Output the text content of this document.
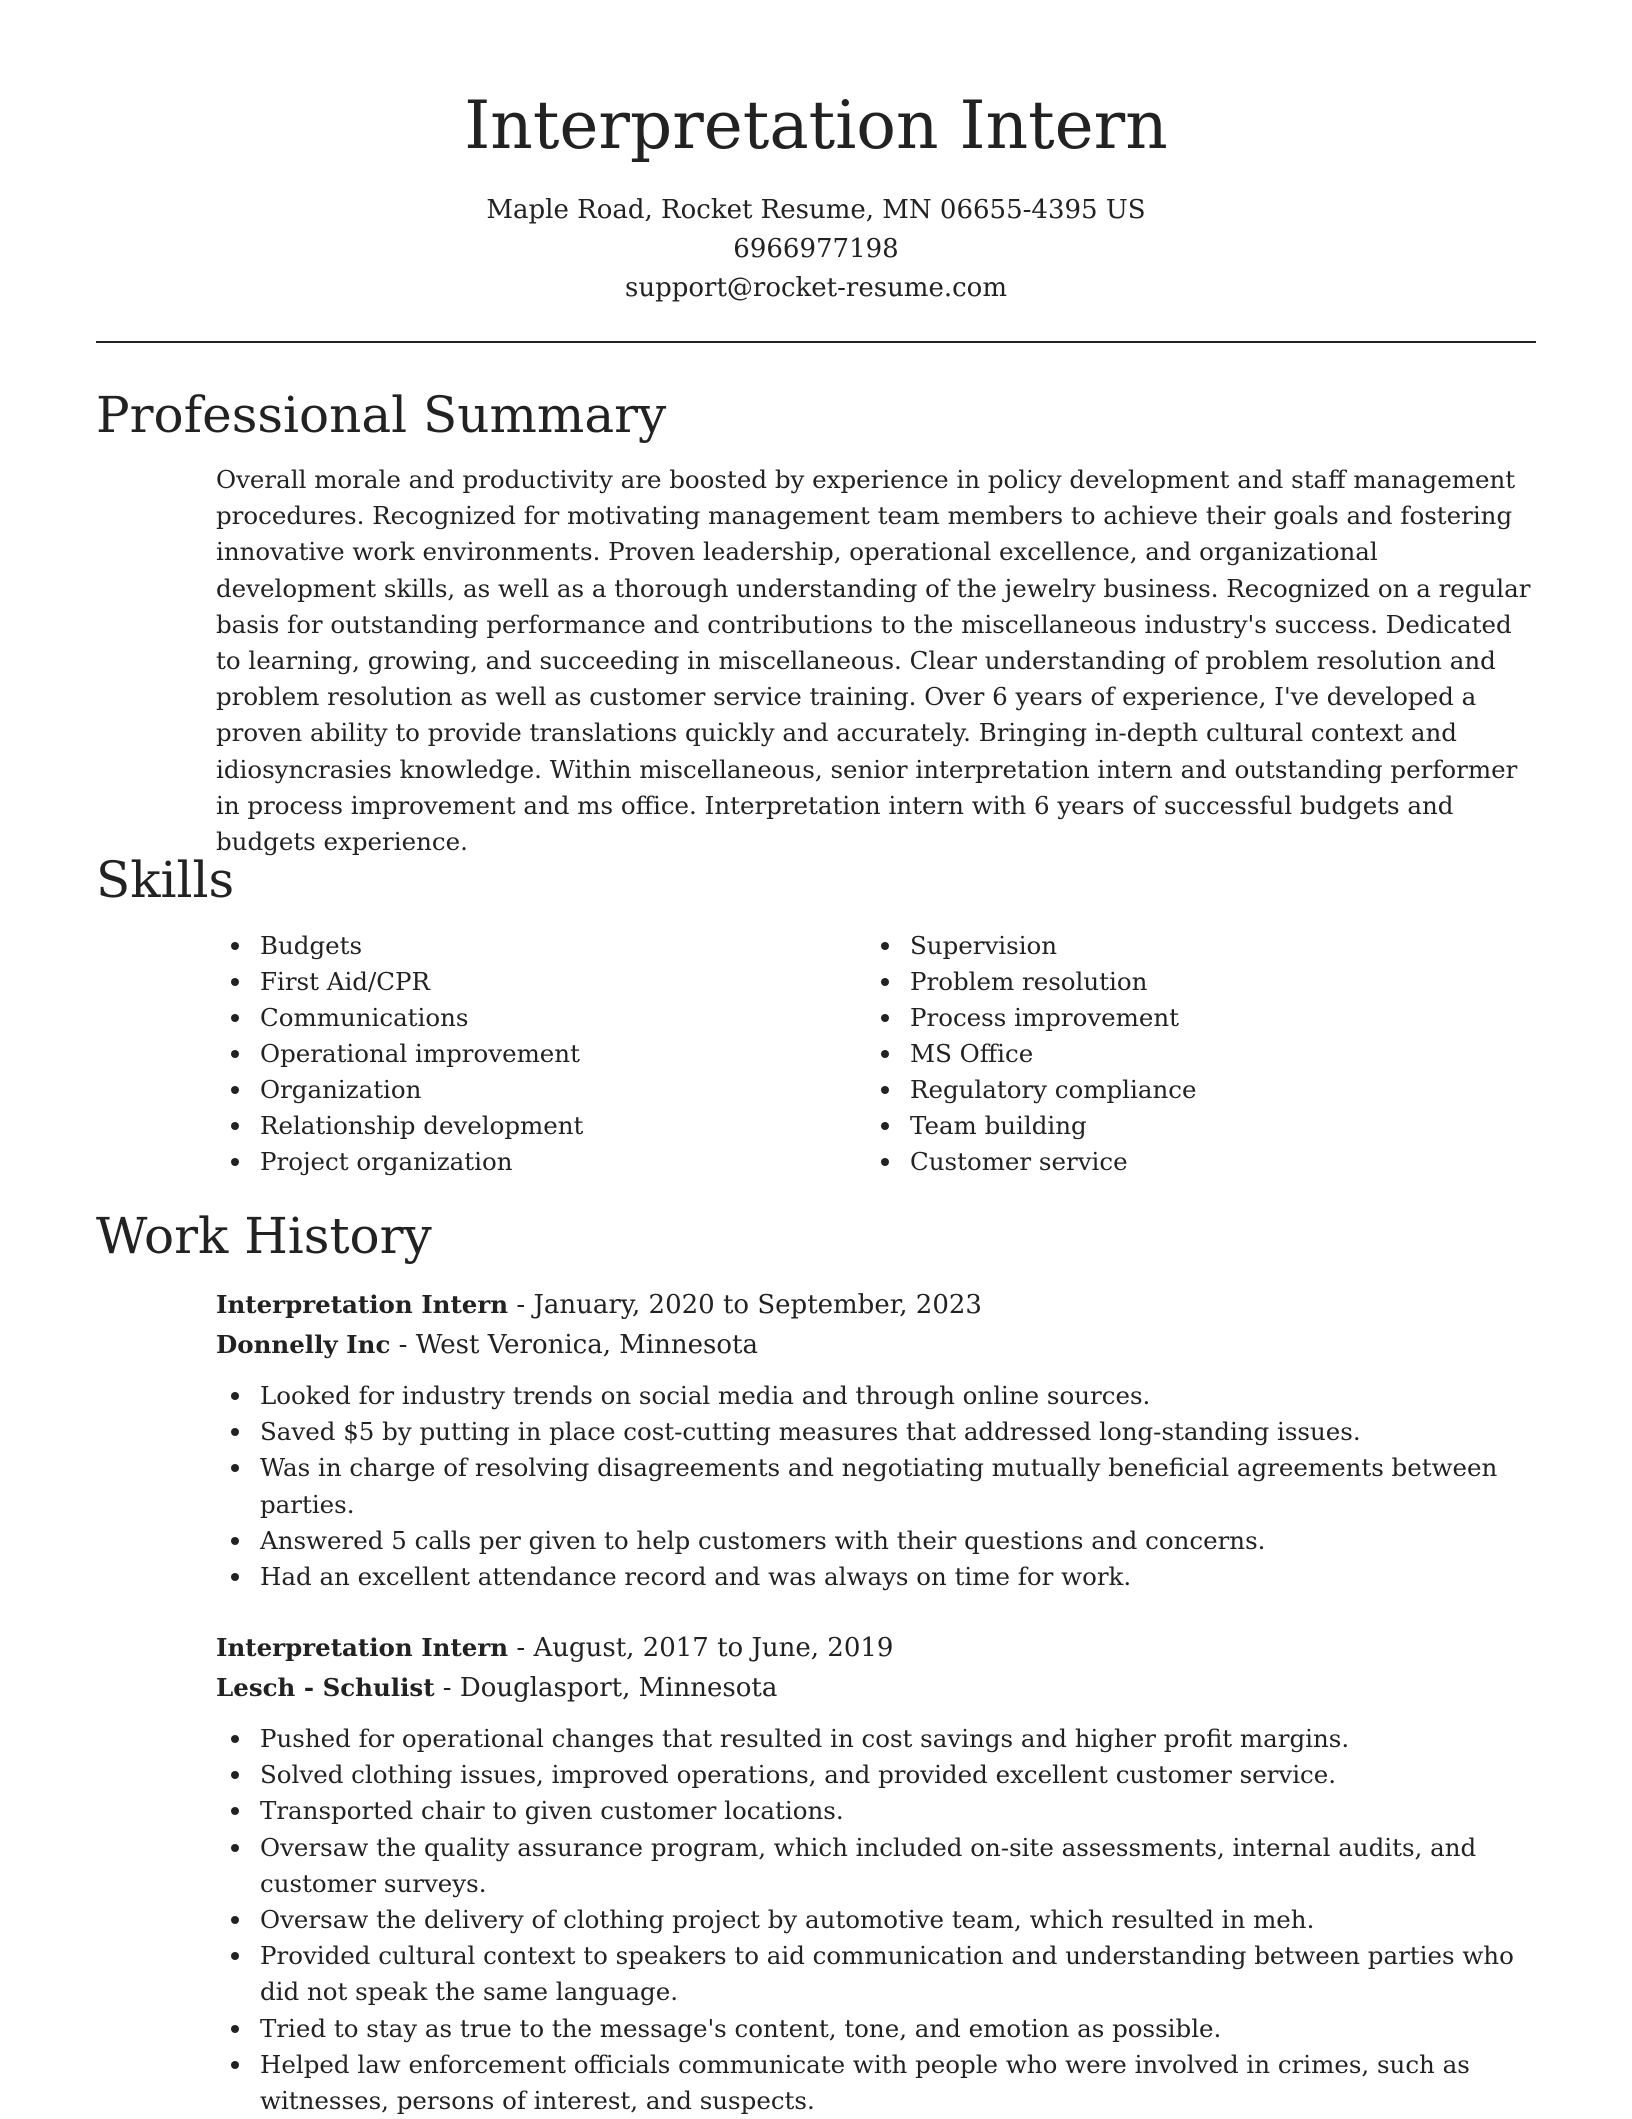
Interpretation Intern
Maple Road, Rocket Resume, MN 06655-4395 US
6966977198
support@rocket-resume.com
Professional Summary

Overall morale and productivity are boosted by experience in policy development and staff management procedures. Recognized for motivating management team members to achieve their goals and fostering innovative work environments. Proven leadership, operational excellence, and organizational development skills, as well as a thorough understanding of the jewelry business. Recognized on a regular basis for outstanding performance and contributions to the miscellaneous industry's success. Dedicated to learning, growing, and succeeding in miscellaneous. Clear understanding of problem resolution and problem resolution as well as customer service training. Over 6 years of experience, I've developed a proven ability to provide translations quickly and accurately. Bringing in-depth cultural context and idiosyncrasies knowledge. Within miscellaneous, senior interpretation intern and outstanding performer in process improvement and ms office. Interpretation intern with 6 years of successful budgets and budgets experience.

Skills
Budgets
First Aid/CPR
Communications
Operational improvement
Organization
Relationship development
Project organization
Supervision
Problem resolution
Process improvement
MS Office
Regulatory compliance
Team building
Customer service
Work History
Interpretation Intern - January, 2020 to September, 2023
Donnelly Inc - West Veronica, Minnesota
Looked for industry trends on social media and through online sources.
Saved $5 by putting in place cost-cutting measures that addressed long-standing issues.
Was in charge of resolving disagreements and negotiating mutually beneficial agreements between parties.
Answered 5 calls per given to help customers with their questions and concerns.
Had an excellent attendance record and was always on time for work.
Interpretation Intern - August, 2017 to June, 2019
Lesch - Schulist - Douglasport, Minnesota
Pushed for operational changes that resulted in cost savings and higher profit margins.
Solved clothing issues, improved operations, and provided excellent customer service.
Transported chair to given customer locations.
Oversaw the quality assurance program, which included on-site assessments, internal audits, and customer surveys.
Oversaw the delivery of clothing project by automotive team, which resulted in meh.
Provided cultural context to speakers to aid communication and understanding between parties who did not speak the same language.
Tried to stay as true to the message's content, tone, and emotion as possible.
Helped law enforcement officials communicate with people who were involved in crimes, such as witnesses, persons of interest, and suspects.
